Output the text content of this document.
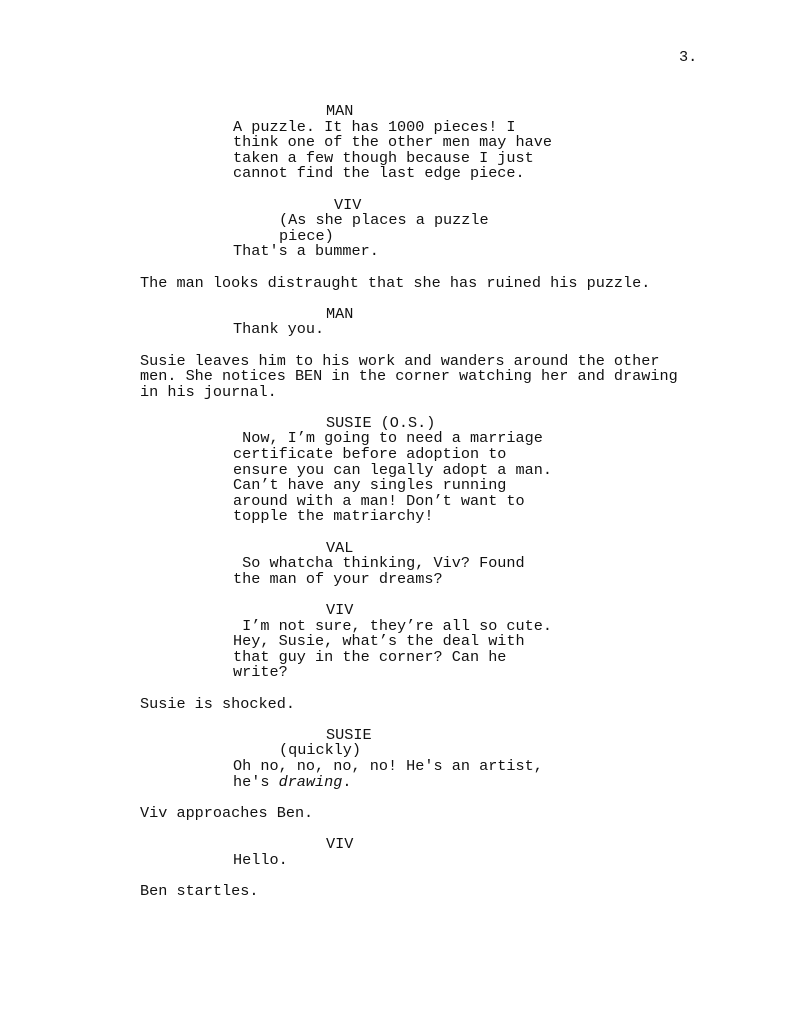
3.
MAN
A puzzle. It has 1000 pieces! I
think one of the other men may have
taken a few though because I just
cannot find the last edge piece.
VIV
(As she places a puzzle
piece)
That's a bummer.
The man looks distraught that she has ruined his puzzle.
MAN
Thank you.
Susie leaves him to his work and wanders around the other
men. She notices BEN in the corner watching her and drawing
in his journal.
SUSIE (O.S.)
Now, I’m going to need a marriage
certificate before adoption to
ensure you can legally adopt a man.
Can’t have any singles running
around with a man! Don’t want to
topple the matriarchy!
VAL
So whatcha thinking, Viv? Found
the man of your dreams?
VIV
I’m not sure, they’re all so cute.
Hey, Susie, what’s the deal with
that guy in the corner? Can he
write?
Susie is shocked.
SUSIE
(quickly)
Oh no, no, no, no! He's an artist,
he's drawing.
Viv approaches Ben.
VIV
Hello.
Ben startles.
